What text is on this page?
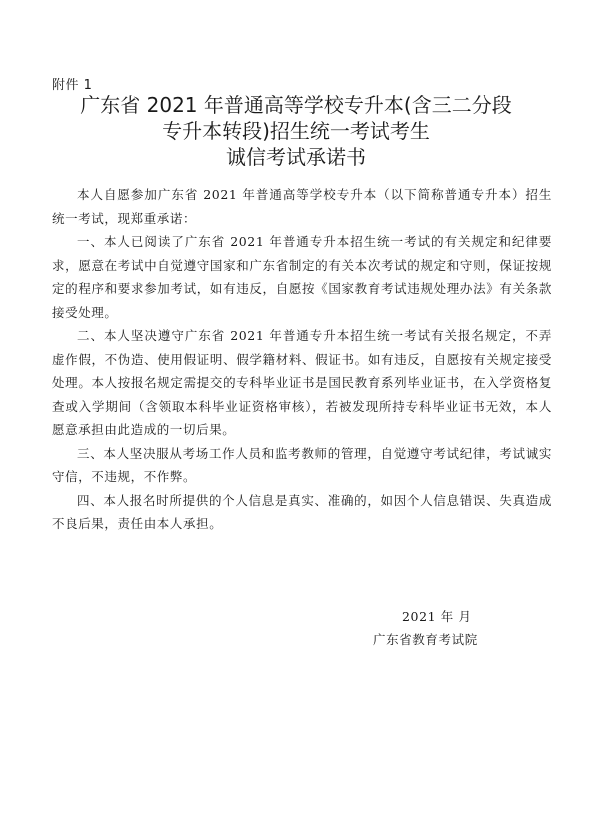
附件 1
广东省 2021 年普通高等学校专升本(含三二分段
专升本转段)招生统一考试考生
诚信考试承诺书

本人自愿参加广东省 2021 年普通高等学校专升本（以下简称普通专升本）招生统一考试，现郑重承诺：

一、本人已阅读了广东省 2021 年普通专升本招生统一考试的有关规定和纪律要求，愿意在考试中自觉遵守国家和广东省制定的有关本次考试的规定和守则，保证按规定的程序和要求参加考试，如有违反，自愿按《国家教育考试违规处理办法》有关条款接受处理。

二、本人坚决遵守广东省 2021 年普通专升本招生统一考试有关报名规定，不弄虚作假，不伪造、使用假证明、假学籍材料、假证书。如有违反，自愿按有关规定接受处理。本人按报名规定需提交的专科毕业证书是国民教育系列毕业证书，在入学资格复查或入学期间（含领取本科毕业证资格审核），若被发现所持专科毕业证书无效，本人愿意承担由此造成的一切后果。

三、本人坚决服从考场工作人员和监考教师的管理，自觉遵守考试纪律，考试诚实守信，不违规，不作弊。

四、本人报名时所提供的个人信息是真实、准确的，如因个人信息错误、失真造成不良后果，责任由本人承担。

2021 年 月
广东省教育考试院
